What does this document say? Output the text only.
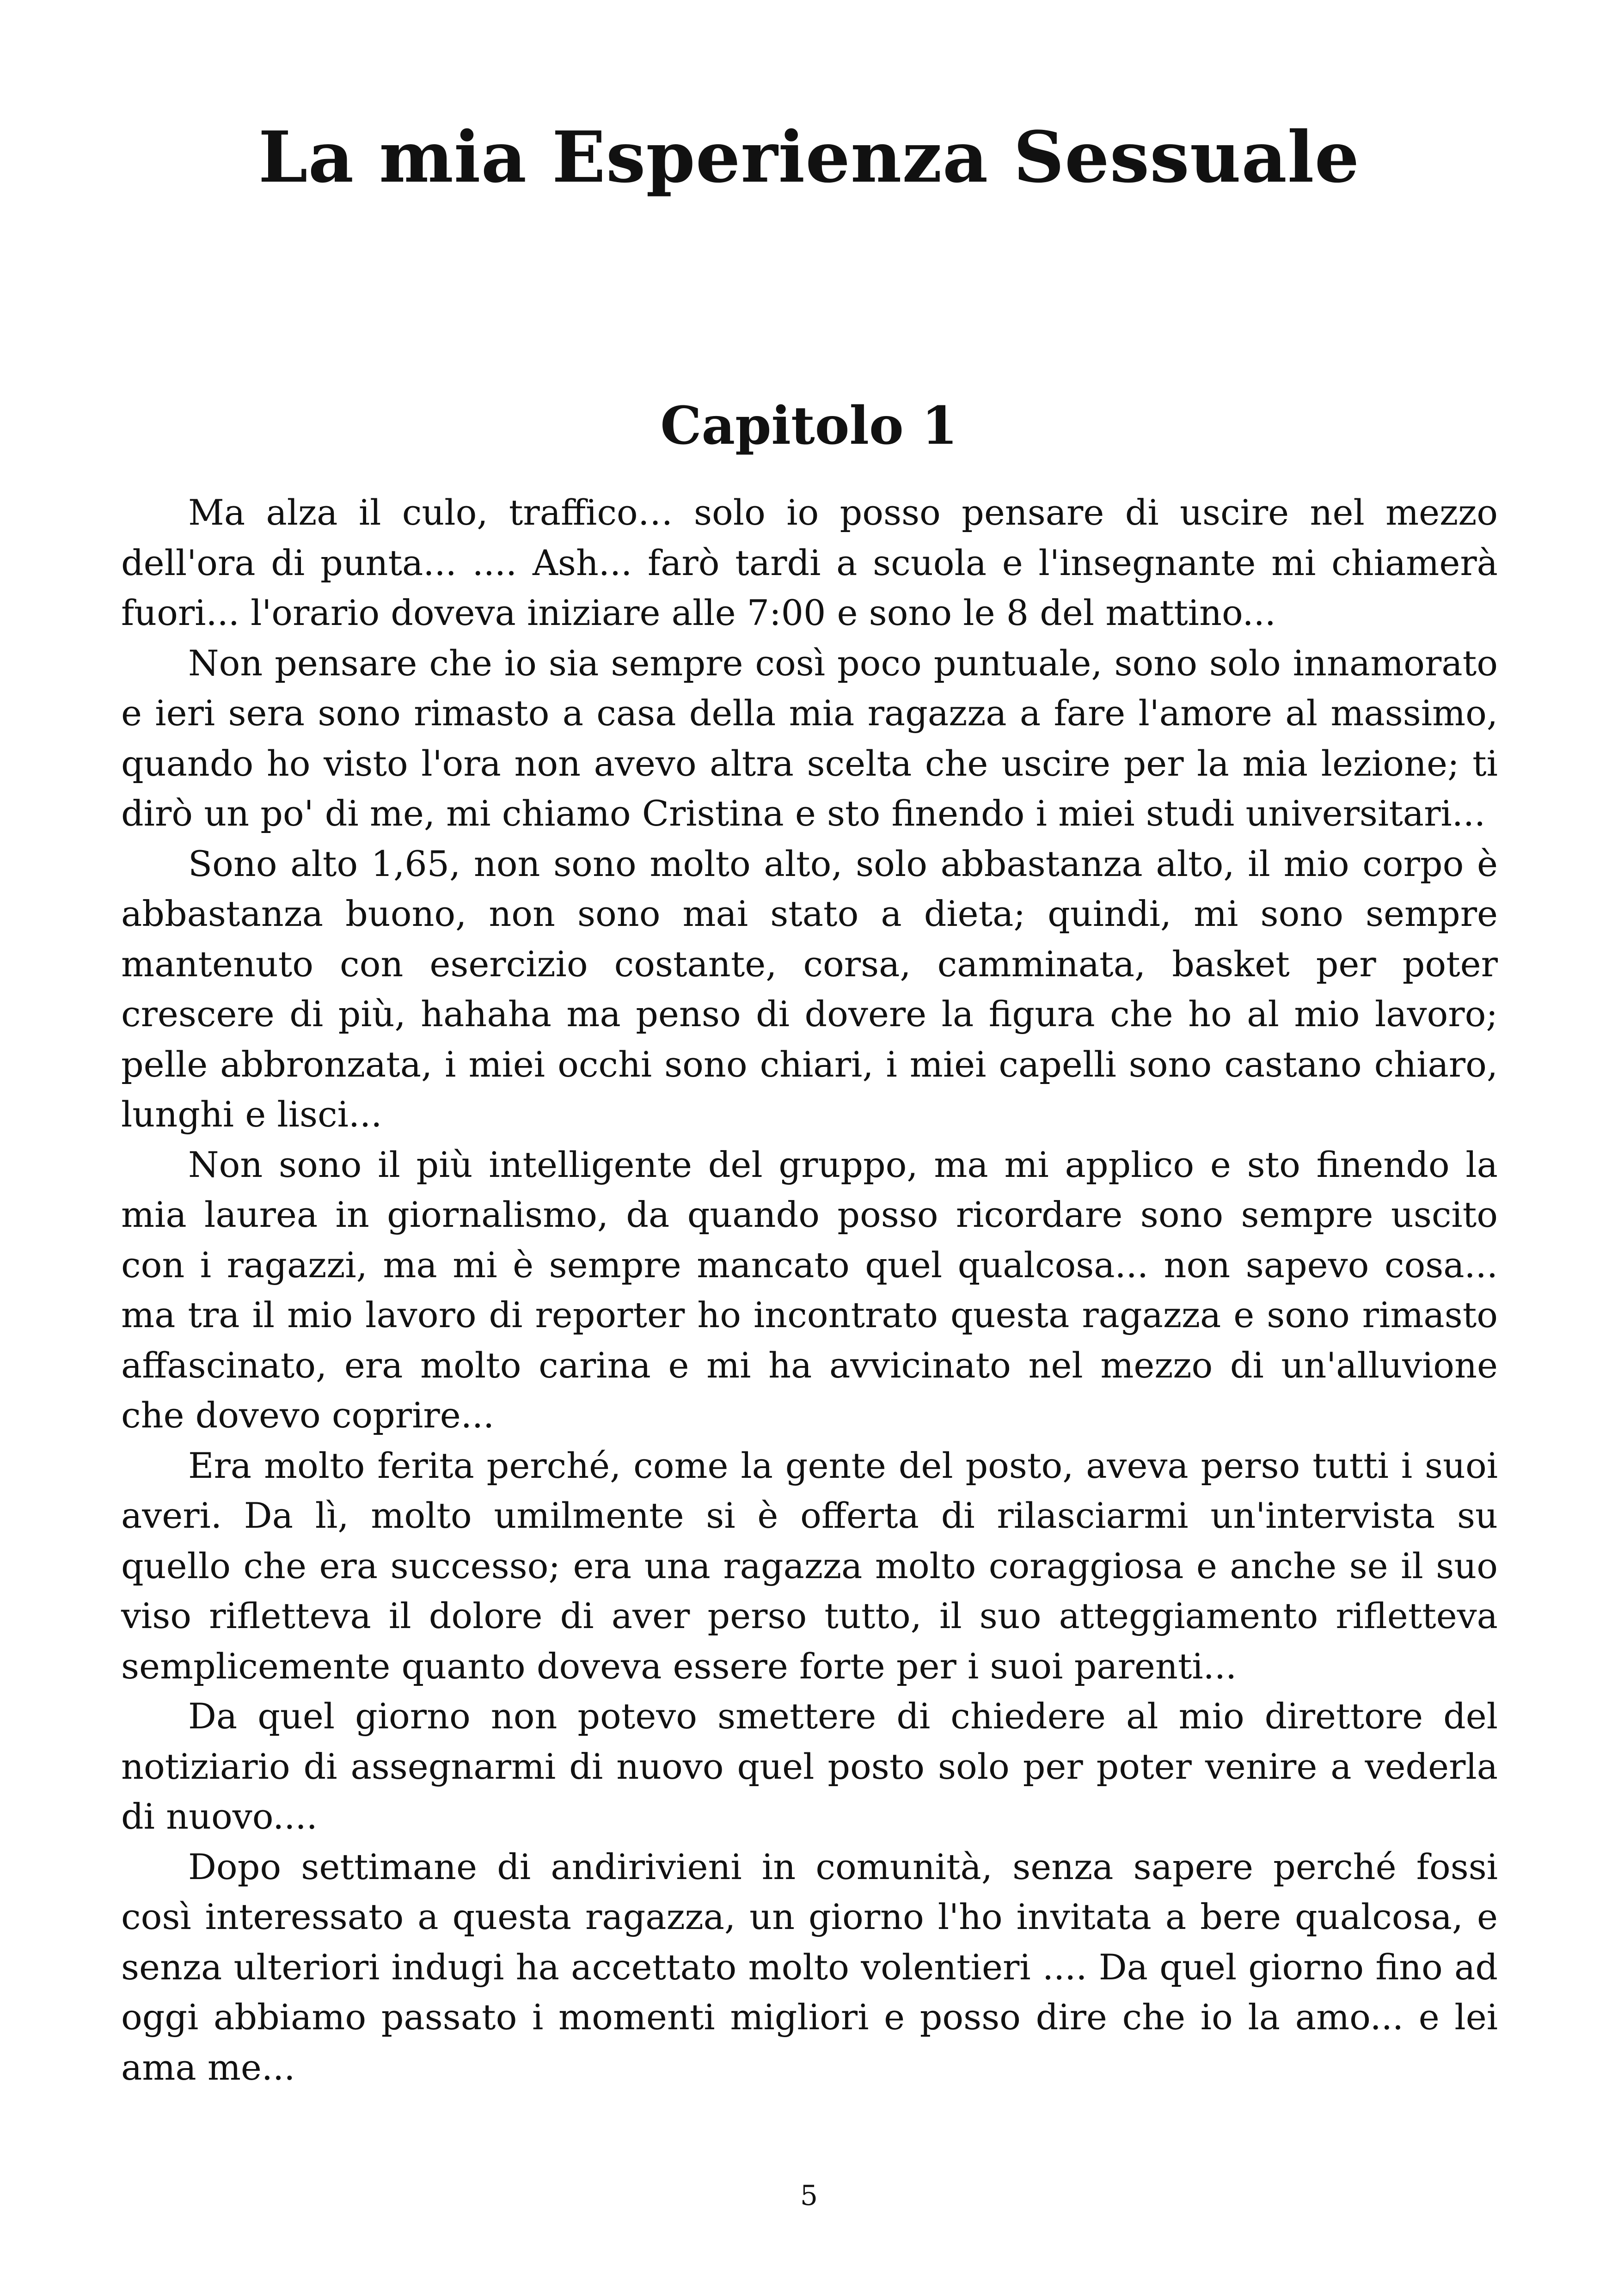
La mia Esperienza Sessuale
Capitolo 1

Ma alza il culo, traffico… solo io posso pensare di uscire nel mezzo dell'ora di punta... .... Ash... farò tardi a scuola e l'insegnante mi chiamerà fuori... l'orario doveva iniziare alle 7:00 e sono le 8 del mattino...

Non pensare che io sia sempre così poco puntuale, sono solo innamorato e ieri sera sono rimasto a casa della mia ragazza a fare l'amore al massimo, quando ho visto l'ora non avevo altra scelta che uscire per la mia lezione; ti dirò un po' di me, mi chiamo Cristina e sto finendo i miei studi universitari...

Sono alto 1,65, non sono molto alto, solo abbastanza alto, il mio corpo è abbastanza buono, non sono mai stato a dieta; quindi, mi sono sempre mantenuto con esercizio costante, corsa, camminata, basket per poter crescere di più, hahaha ma penso di dovere la figura che ho al mio lavoro; pelle abbronzata, i miei occhi sono chiari, i miei capelli sono castano chiaro, lunghi e lisci...

Non sono il più intelligente del gruppo, ma mi applico e sto finendo la mia laurea in giornalismo, da quando posso ricordare sono sempre uscito con i ragazzi, ma mi è sempre mancato quel qualcosa... non sapevo cosa... ma tra il mio lavoro di reporter ho incontrato questa ragazza e sono rimasto affascinato, era molto carina e mi ha avvicinato nel mezzo di un'alluvione che dovevo coprire...

Era molto ferita perché, come la gente del posto, aveva perso tutti i suoi averi. Da lì, molto umilmente si è offerta di rilasciarmi un'intervista su quello che era successo; era una ragazza molto coraggiosa e anche se il suo viso rifletteva il dolore di aver perso tutto, il suo atteggiamento rifletteva semplicemente quanto doveva essere forte per i suoi parenti...

Da quel giorno non potevo smettere di chiedere al mio direttore del notiziario di assegnarmi di nuovo quel posto solo per poter venire a vederla di nuovo....

Dopo settimane di andirivieni in comunità, senza sapere perché fossi così interessato a questa ragazza, un giorno l'ho invitata a bere qualcosa, e senza ulteriori indugi ha accettato molto volentieri .... Da quel giorno fino ad oggi abbiamo passato i momenti migliori e posso dire che io la amo... e lei ama me...

5
